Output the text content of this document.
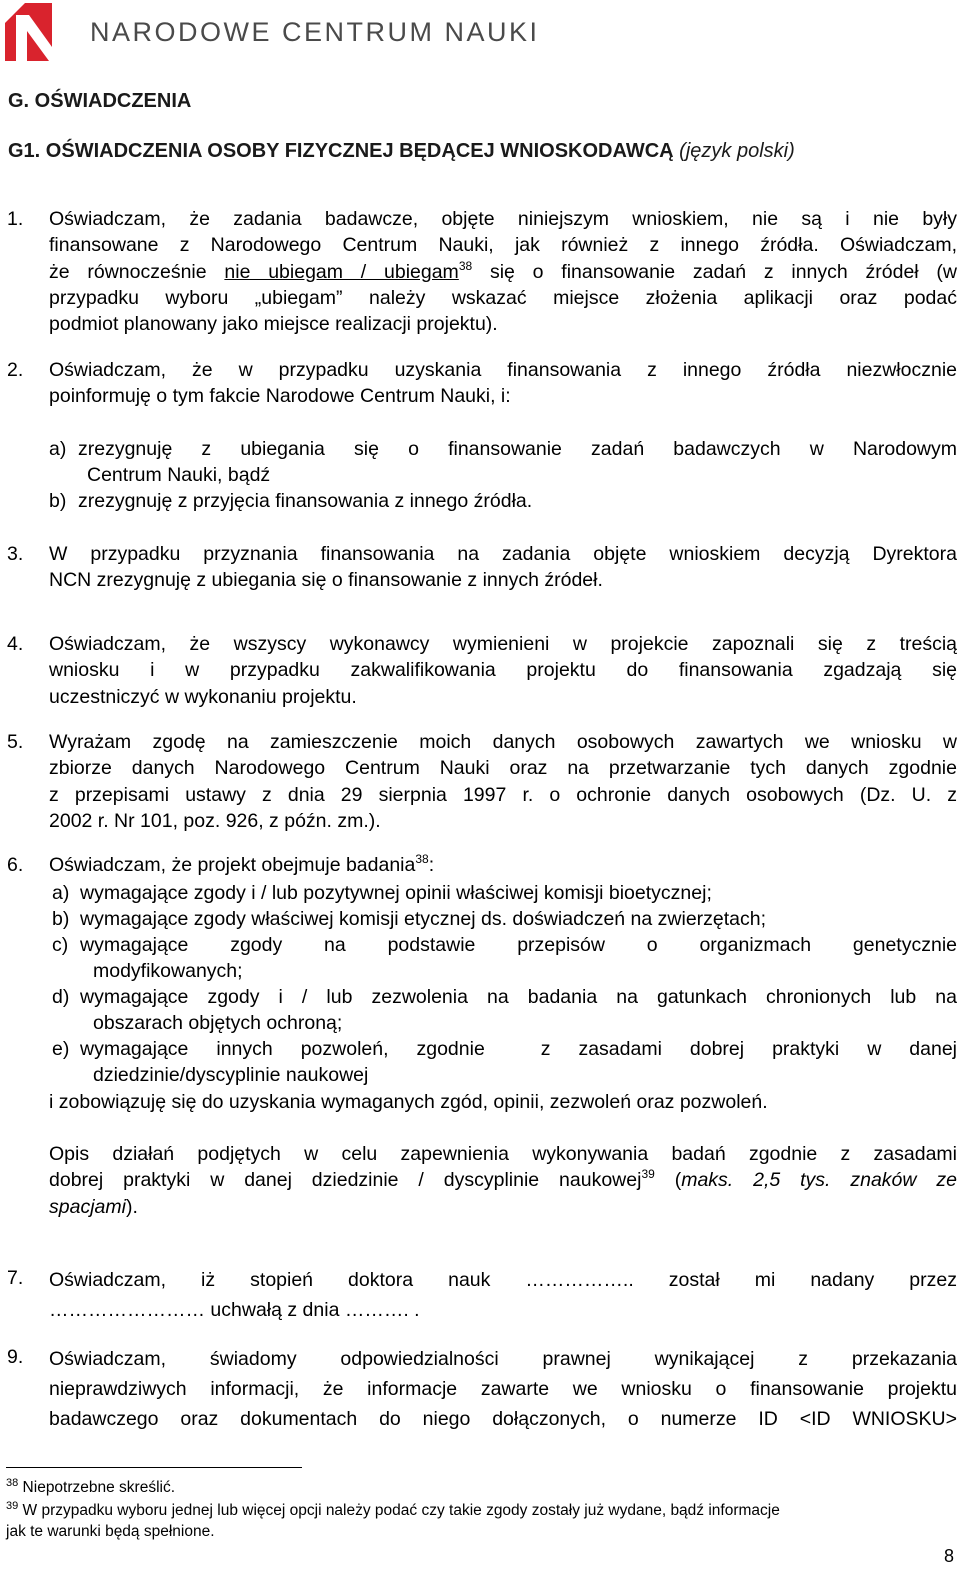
NARODOWE CENTRUM NAUKI
G. OŚWIADCZENIA
G1. OŚWIADCZENIA OSOBY FIZYCZNEJ BĘDĄCEJ WNIOSKODAWCĄ (język polski)
1. Oświadczam, że zadania badawcze, objęte niniejszym wnioskiem, nie są i nie były
finansowane z Narodowego Centrum Nauki, jak również z innego źródła. Oświadczam,
że równocześnie nie ubiegam / ubiegam$^{38}$ się o finansowanie zadań z innych źródeł (w
przypadku wyboru „ubiegam” należy wskazać miejsce złożenia aplikacji oraz podać
podmiot planowany jako miejsce realizacji projektu).
2. Oświadczam, że w przypadku uzyskania finansowania z innego źródła niezwłocznie
poinformuję o tym fakcie Narodowe Centrum Nauki, i:
a) zrezygnuję z ubiegania się o finansowanie zadań badawczych w Narodowym
Centrum Nauki, bądź
b) zrezygnuję z przyjęcia finansowania z innego źródła.
3. W przypadku przyznania finansowania na zadania objęte wnioskiem decyzją Dyrektora
NCN zrezygnuję z ubiegania się o finansowanie z innych źródeł.
4. Oświadczam, że wszyscy wykonawcy wymienieni w projekcie zapoznali się z treścią
wniosku i w przypadku zakwalifikowania projektu do finansowania zgadzają się
uczestniczyć w wykonaniu projektu.
5. Wyrażam zgodę na zamieszczenie moich danych osobowych zawartych we wniosku w
zbiorze danych Narodowego Centrum Nauki oraz na przetwarzanie tych danych zgodnie
z przepisami ustawy z dnia 29 sierpnia 1997 r. o ochronie danych osobowych (Dz. U. z
2002 r. Nr 101, poz. 926, z późn. zm.).
6. Oświadczam, że projekt obejmuje badania$^{38}$:
a) wymagające zgody i / lub pozytywnej opinii właściwej komisji bioetycznej;
b) wymagające zgody właściwej komisji etycznej ds. doświadczeń na zwierzętach;
c) wymagające zgody na podstawie przepisów o organizmach genetycznie
modyfikowanych;
d) wymagające zgody i / lub zezwolenia na badania na gatunkach chronionych lub na
obszarach objętych ochroną;
e) wymagające innych pozwoleń, zgodnie  z zasadami dobrej praktyki w danej
dziedzinie/dyscyplinie naukowej
i zobowiązuję się do uzyskania wymaganych zgód, opinii, zezwoleń oraz pozwoleń.
Opis działań podjętych w celu zapewnienia wykonywania badań zgodnie z zasadami
dobrej praktyki w danej dziedzinie / dyscyplinie naukowej$^{39}$ (maks. 2,5 tys. znaków ze
spacjami).
7. Oświadczam, iż stopień doktora nauk …………….. został mi nadany przez
…………………… uchwałą z dnia ………. .
9. Oświadczam, świadomy odpowiedzialności prawnej wynikającej z przekazania
nieprawdziwych informacji, że informacje zawarte we wniosku o finansowanie projektu
badawczego oraz dokumentach do niego dołączonych, o numerze ID <ID WNIOSKU>
$^{38}$ Niepotrzebne skreślić.
$^{39}$ W przypadku wyboru jednej lub więcej opcji należy podać czy takie zgody zostały już wydane, bądź informacje
jak te warunki będą spełnione.
8
